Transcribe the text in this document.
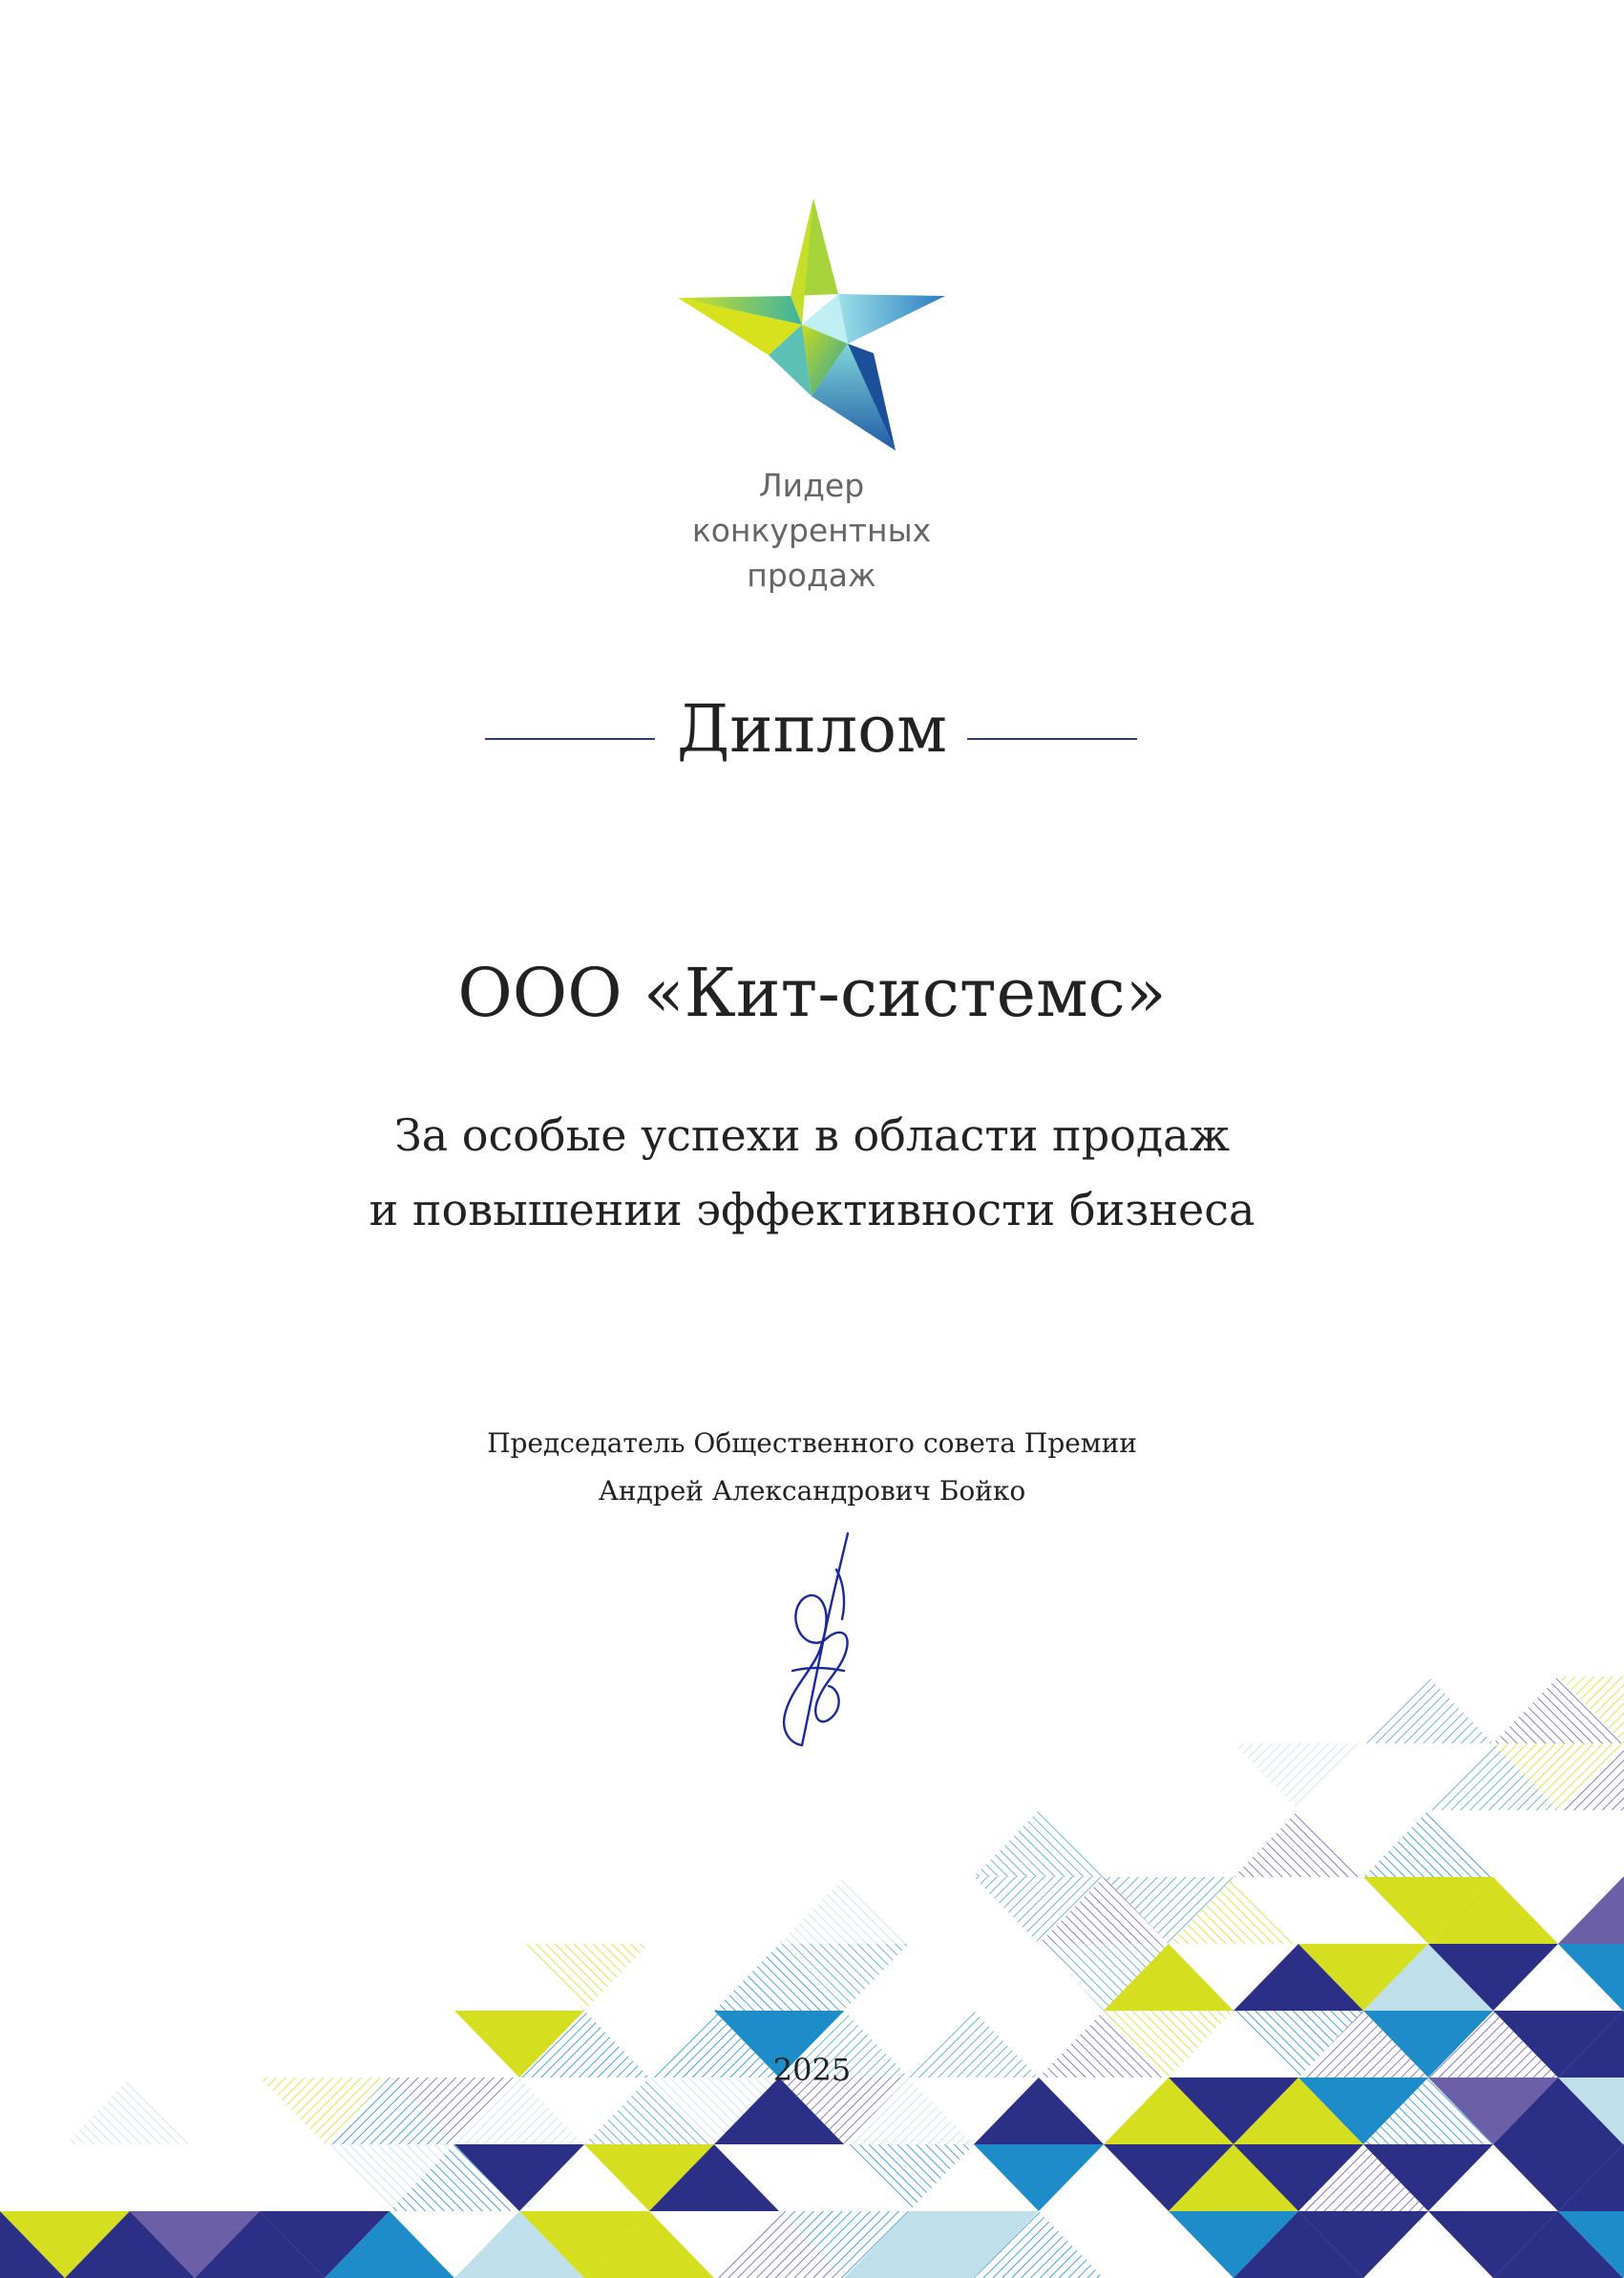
Лидер
конкурентных
продаж
Диплом
ООО «Кит-системс»
За особые успехи в области продаж
и повышении эффективности бизнеса
Председатель Общественного совета Премии
Андрей Александрович Бойко
2025
